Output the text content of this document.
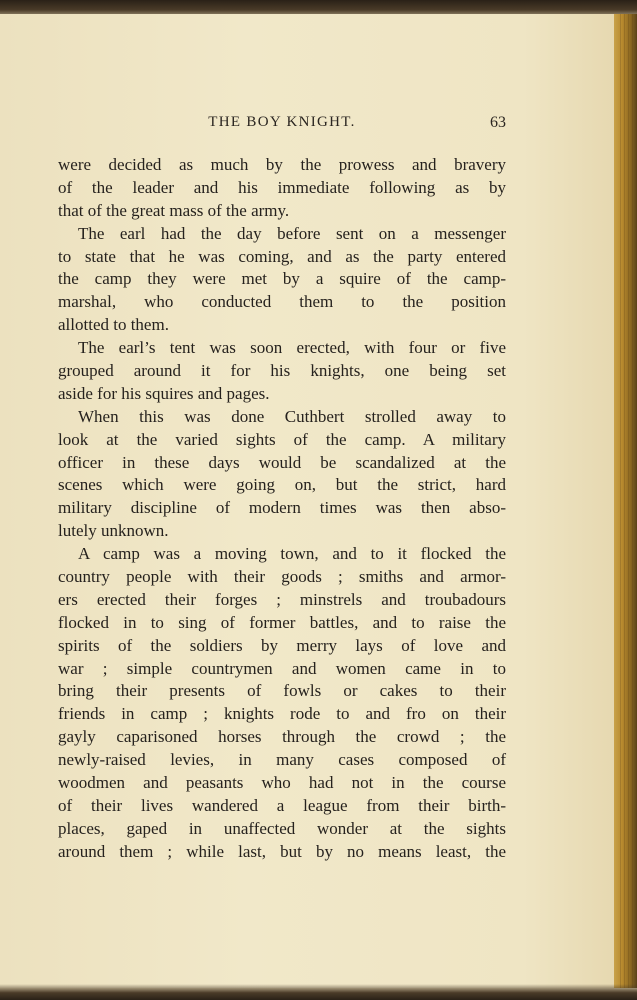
THE BOY KNIGHT.	63
were decided as much by the prowess and bravery
of the leader and his immediate following as by
that of the great mass of the army.
The earl had the day before sent on a messenger
to state that he was coming, and as the party entered
the camp they were met by a squire of the camp-
marshal, who conducted them to the position
allotted to them.
The earl’s tent was soon erected, with four or five
grouped around it for his knights, one being set
aside for his squires and pages.
When this was done Cuthbert strolled away to
look at the varied sights of the camp. A military
officer in these days would be scandalized at the
scenes which were going on, but the strict, hard
military discipline of modern times was then abso-
lutely unknown.
A camp was a moving town, and to it flocked the
country people with their goods ; smiths and armor-
ers erected their forges ; minstrels and troubadours
flocked in to sing of former battles, and to raise the
spirits of the soldiers by merry lays of love and
war ; simple countrymen and women came in to
bring their presents of fowls or cakes to their
friends in camp ; knights rode to and fro on their
gayly caparisoned horses through the crowd ; the
newly-raised levies, in many cases composed of
woodmen and peasants who had not in the course
of their lives wandered a league from their birth-
places, gaped in unaffected wonder at the sights
around them ; while last, but by no means least, the
